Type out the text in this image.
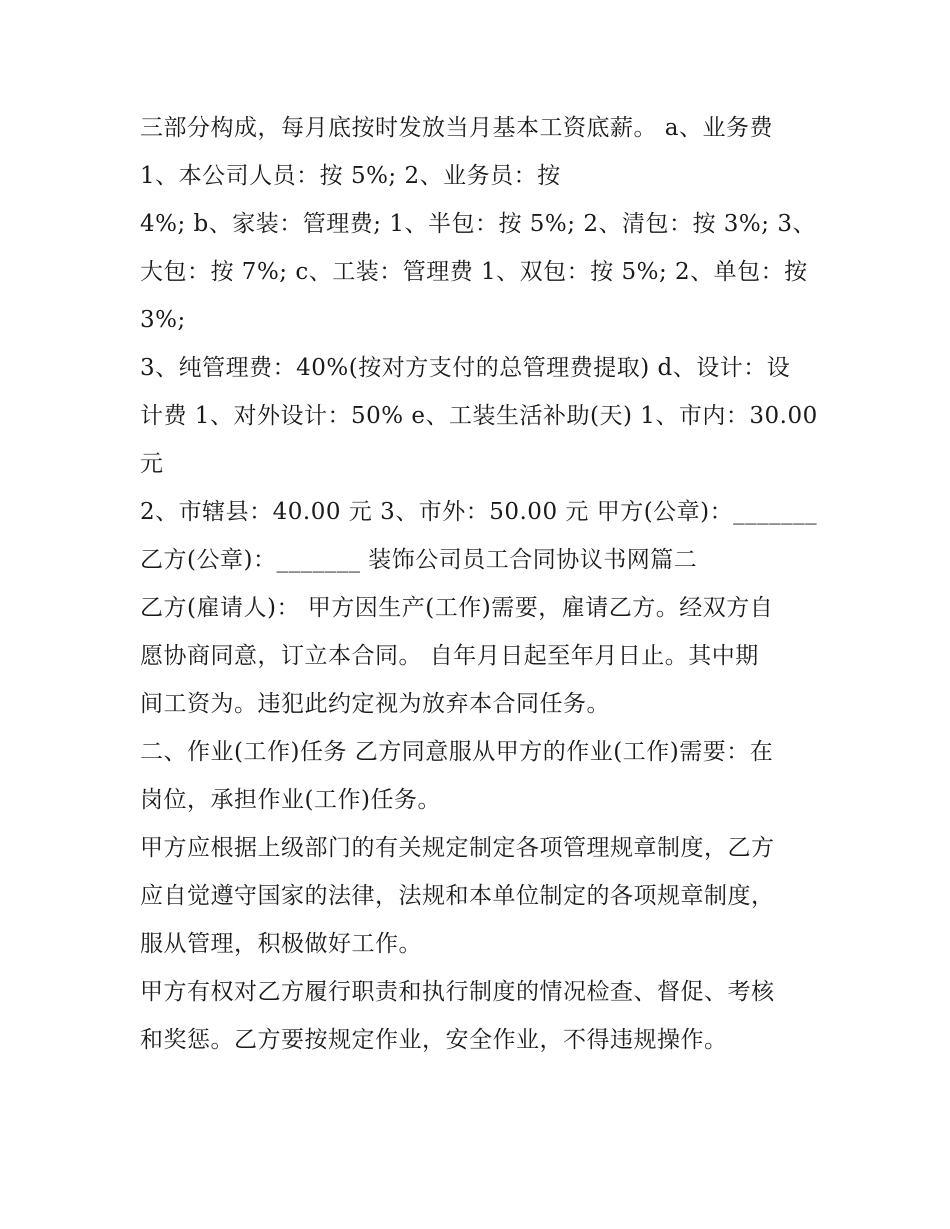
三部分构成，每月底按时发放当月基本工资底薪。 a、业务费
1、本公司人员：按 5%; 2、业务员：按
4%; b、家装：管理费; 1、半包：按 5%; 2、清包：按 3%; 3、
大包：按 7%; c、工装：管理费 1、双包：按 5%; 2、单包：按
3%;
3、纯管理费：40%(按对方支付的总管理费提取) d、设计：设
计费 1、对外设计：50% e、工装生活补助(天) 1、市内：30.00
元
2、市辖县：40.00 元 3、市外：50.00 元 甲方(公章)：_______
乙方(公章)：_______ 装饰公司员工合同协议书网篇二
乙方(雇请人)： 甲方因生产(工作)需要，雇请乙方。经双方自
愿协商同意，订立本合同。 自年月日起至年月日止。其中期
间工资为。违犯此约定视为放弃本合同任务。
二、作业(工作)任务 乙方同意服从甲方的作业(工作)需要：在
岗位，承担作业(工作)任务。
甲方应根据上级部门的有关规定制定各项管理规章制度，乙方
应自觉遵守国家的法律，法规和本单位制定的各项规章制度，
服从管理，积极做好工作。
甲方有权对乙方履行职责和执行制度的情况检查、督促、考核
和奖惩。乙方要按规定作业，安全作业，不得违规操作。
